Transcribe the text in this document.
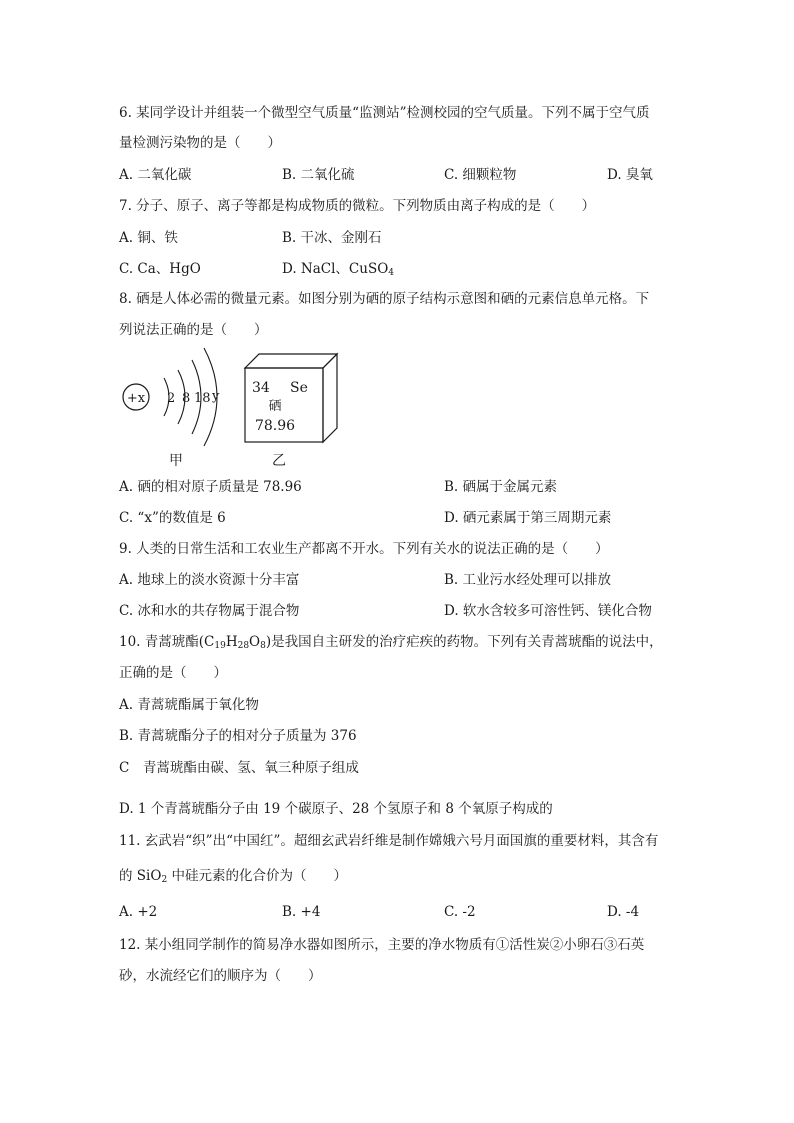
6. 某同学设计并组装一个微型空气质量“监测站”检测校园的空气质量。下列不属于空气质
量检测污染物的是（　　）
A. 二氧化碳	B. 二氧化硫	C. 细颗粒物	D. 臭氧
7. 分子、原子、离子等都是构成物质的微粒。下列物质由离子构成的是（　　）
A. 铜、铁	B. 干冰、金刚石
C. Ca、HgO	D. NaCl、CuSO$_4$
8. 硒是人体必需的微量元素。如图分别为硒的原子结构示意图和硒的元素信息单元格。下
列说法正确的是（　　）
+x 2 8 18 y
34 Se
硒
78.96
甲	乙
A. 硒的相对原子质量是 78.96	B. 硒属于金属元素
C. “x”的数值是 6	D. 硒元素属于第三周期元素
9. 人类的日常生活和工农业生产都离不开水。下列有关水的说法正确的是（　　）
A. 地球上的淡水资源十分丰富	B. 工业污水经处理可以排放
C. 冰和水的共存物属于混合物	D. 软水含较多可溶性钙、镁化合物
10. 青蒿琥酯$(C_{19}H_{28}O_8)$是我国自主研发的治疗疟疾的药物。下列有关青蒿琥酯的说法中，
正确的是（　　）
A. 青蒿琥酯属于氧化物
B. 青蒿琥酯分子的相对分子质量为 376
C　青蒿琥酯由碳、氢、氧三种原子组成
D. 1 个青蒿琥酯分子由 19 个碳原子、28 个氢原子和 8 个氧原子构成的
11. 玄武岩“织”出“中国红”。超细玄武岩纤维是制作嫦娥六号月面国旗的重要材料，其含有
的 SiO$_2$ 中硅元素的化合价为（　　）
A. +2	B. +4	C. -2	D. -4
12. 某小组同学制作的简易净水器如图所示，主要的净水物质有①活性炭②小卵石③石英
砂，水流经它们的顺序为（　　）
